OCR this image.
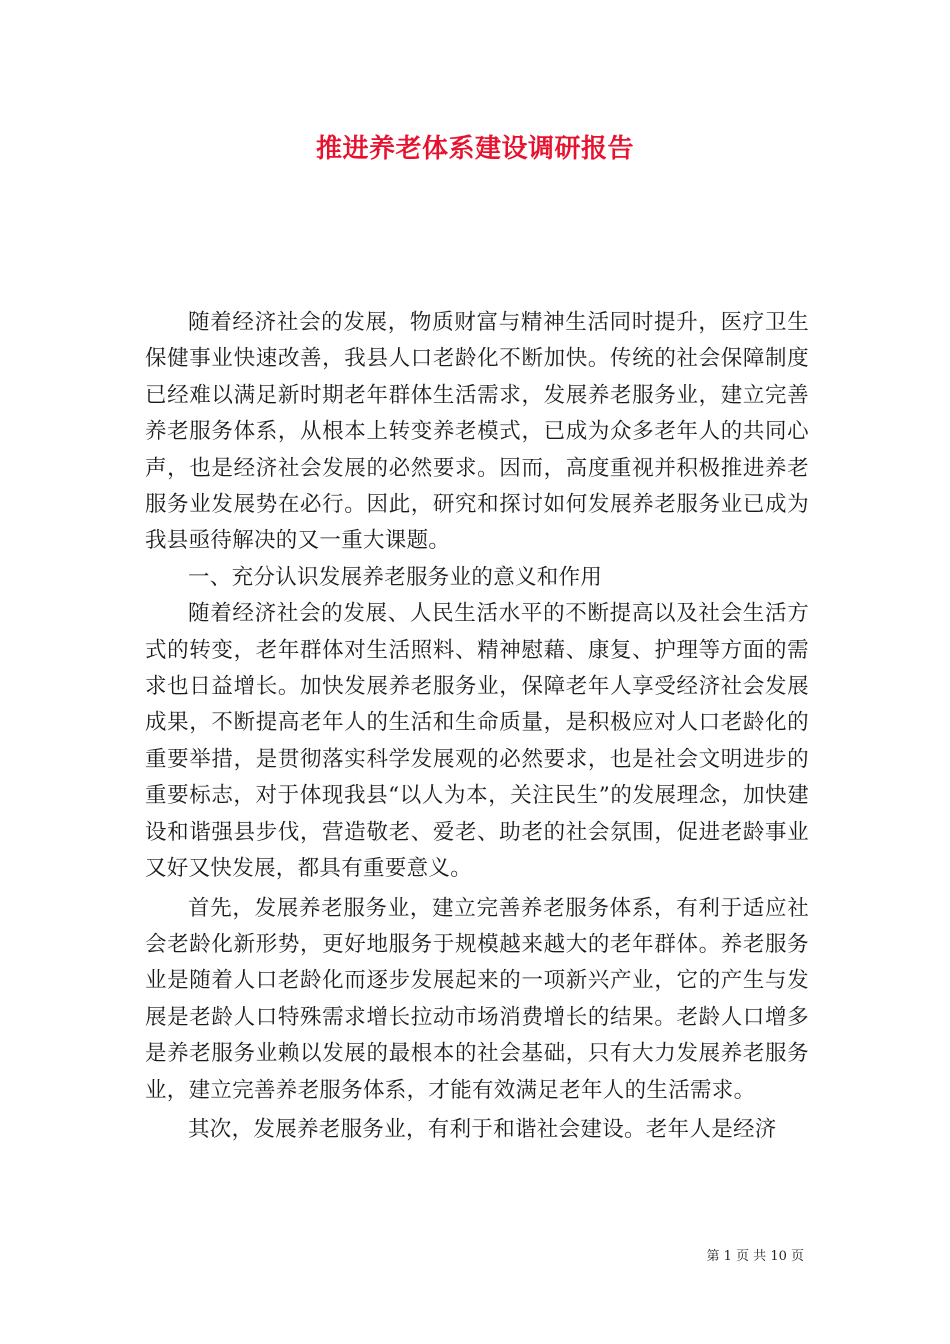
推进养老体系建设调研报告

随着经济社会的发展，物质财富与精神生活同时提升，医疗卫生保健事业快速改善，我县人口老龄化不断加快。传统的社会保障制度已经难以满足新时期老年群体生活需求，发展养老服务业，建立完善养老服务体系，从根本上转变养老模式，已成为众多老年人的共同心声，也是经济社会发展的必然要求。因而，高度重视并积极推进养老服务业发展势在必行。因此，研究和探讨如何发展养老服务业已成为我县亟待解决的又一重大课题。

一、充分认识发展养老服务业的意义和作用

随着经济社会的发展、人民生活水平的不断提高以及社会生活方式的转变，老年群体对生活照料、精神慰藉、康复、护理等方面的需求也日益增长。加快发展养老服务业，保障老年人享受经济社会发展成果，不断提高老年人的生活和生命质量，是积极应对人口老龄化的重要举措，是贯彻落实科学发展观的必然要求，也是社会文明进步的重要标志，对于体现我县“以人为本，关注民生”的发展理念，加快建设和谐强县步伐，营造敬老、爱老、助老的社会氛围，促进老龄事业又好又快发展，都具有重要意义。

首先，发展养老服务业，建立完善养老服务体系，有利于适应社会老龄化新形势，更好地服务于规模越来越大的老年群体。养老服务业是随着人口老龄化而逐步发展起来的一项新兴产业，它的产生与发展是老龄人口特殊需求增长拉动市场消费增长的结果。老龄人口增多是养老服务业赖以发展的最根本的社会基础，只有大力发展养老服务业，建立完善养老服务体系，才能有效满足老年人的生活需求。

其次，发展养老服务业，有利于和谐社会建设。老年人是经济

第 1 页 共 10 页
